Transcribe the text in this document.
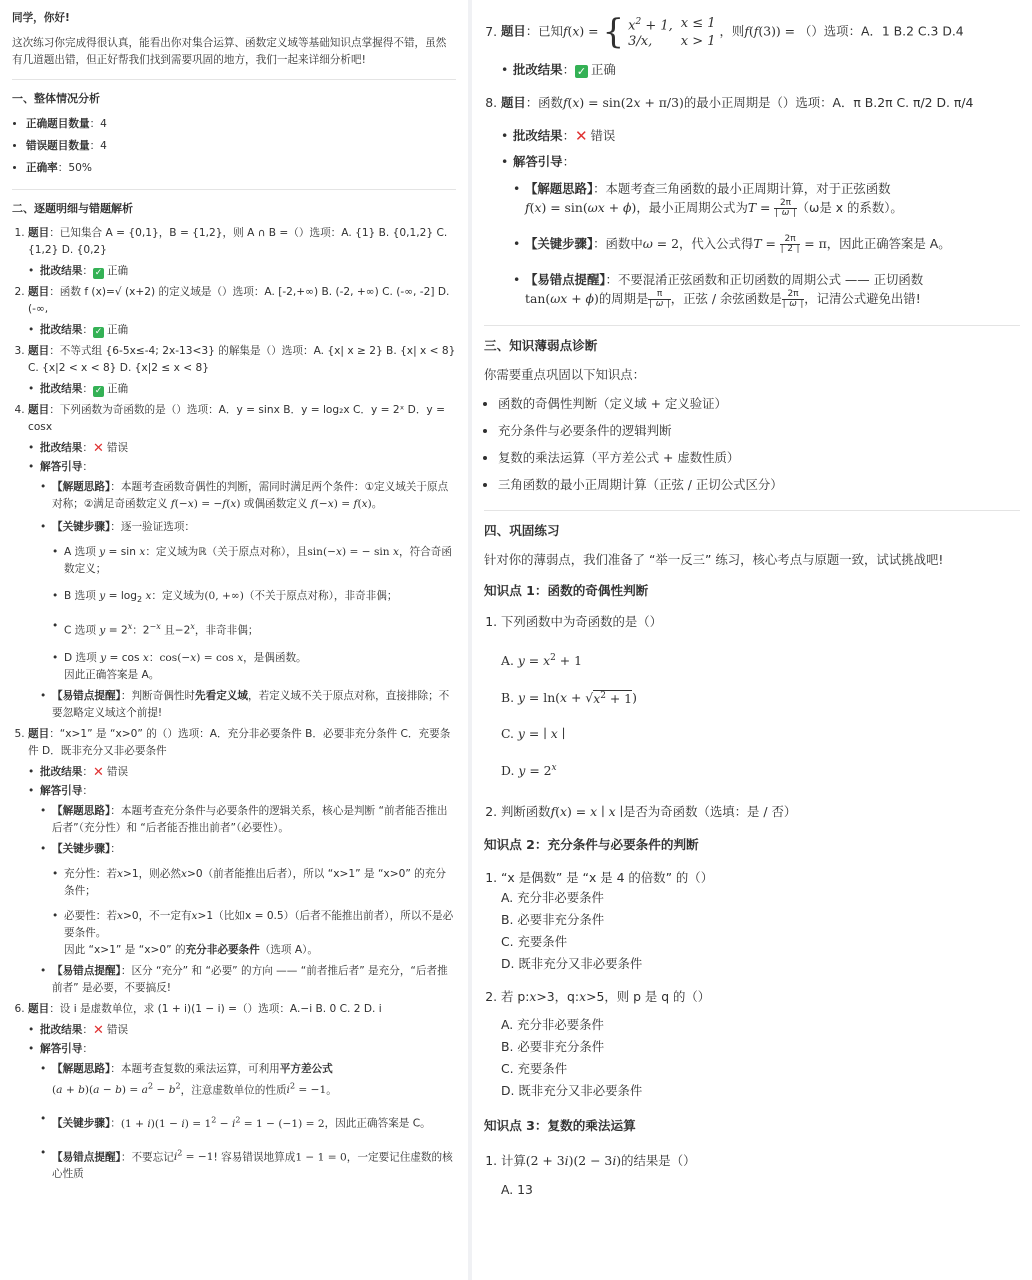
同学，你好!

这次练习你完成得很认真，能看出你对集合运算、函数定义域等基础知识点掌握得不错，虽然有几道题出错，但正好帮我们找到需要巩固的地方，我们一起来详细分析吧!

一、整体情况分析
• 正确题目数量：4
• 错误题目数量：4
• 正确率：50%
二、逐题明细与错题解析
1. 题目：已知集合 A = {0,1}，B = {1,2}，则 A ∩ B =（）选项：A. {1} B. {0,1,2} C. {1,2} D. {0,2}
• 批改结果： ✓ 正确
2. 题目：函数 f (x)=√ (x+2) 的定义域是（）选项：A. [-2,+∞) B. (-2, +∞) C. (-∞, -2] D. (-∞,
• 批改结果： ✓ 正确
3. 题目：不等式组 {6-5x≤-4; 2x-13<3} 的解集是（）选项：A. {x| x ≥ 2} B. {x| x < 8} C. {x|2 < x < 8} D. {x|2 ≤ x < 8}
• 批改结果： ✓ 正确
4. 题目：下列函数为奇函数的是（）选项：A．y = sinx B．y = log₂x C．y = 2ˣ D．y = cosx
• 批改结果：✕ 错误
• 解答引导：
• 【解题思路】：本题考查函数奇偶性的判断，需同时满足两个条件：①定义域关于原点对称；②满足奇函数定义 f(−x) = −f(x) 或偶函数定义 f(−x) = f(x)。
• 【关键步骤】：逐一验证选项：
• A 选项 y = sin x：定义域为ℝ（关于原点对称），且sin(−x) = − sin x，符合奇函数定义；
• B 选项 $y = \log_2 x$：定义域为(0, +∞)（不关于原点对称），非奇非偶；
• C 选项 $y = 2^x$：$2^{-x}$ 且$-2^x$，非奇非偶；
• D 选项 y = cos x：cos(−x) = cos x，是偶函数。
因此正确答案是 A。
• 【易错点提醒】：判断奇偶性时先看定义域，若定义域不关于原点对称，直接排除；不要忽略定义域这个前提!
5. 题目：“x>1” 是 “x>0” 的（）选项：A．充分非必要条件 B．必要非充分条件 C．充要条件 D．既非充分又非必要条件
• 批改结果：✕ 错误
• 解答引导：
• 【解题思路】：本题考查充分条件与必要条件的逻辑关系，核心是判断 “前者能否推出后者”（充分性）和 “后者能否推出前者”（必要性）。
• 【关键步骤】：
• 充分性：若x>1，则必然x>0（前者能推出后者），所以 “x>1” 是 “x>0” 的充分条件；
• 必要性：若x>0，不一定有x>1（比如x = 0.5）（后者不能推出前者），所以不是必要条件。
因此 “x>1” 是 “x>0” 的充分非必要条件（选项 A）。
• 【易错点提醒】：区分 “充分” 和 “必要” 的方向 —— “前者推后者” 是充分，“后者推前者” 是必要，不要搞反!
6. 题目：设 i 是虚数单位，求 (1 + i)(1 − i) =（）选项：A.−i B. 0 C. 2 D. i
• 批改结果：✕ 错误
• 解答引导：
• 【解题思路】：本题考查复数的乘法运算，可利用平方差公式
$(a + b)(a - b) = a^2 - b^2$，注意虚数单位的性质$i^2 = -1$。
• 【关键步骤】：$(1 + i)(1 - i) = 1^2 - i^2 = 1 - (-1) = 2$，因此正确答案是 C。
• 【易错点提醒】：不要忘记$i^2 = -1$! 容易错误地算成1 − 1 = 0，一定要记住虚数的核心性质
7. 题目：已知f(x) = { $x^2 + 1$,	x ≤ 1
3/x,	x > 1，则f(f(3)) = （）选项：A．1 B.2 C.3 D.4
• 批改结果： ✓ 正确
8. 题目：函数f(x) = sin(2x + π/3)的最小正周期是（）选项：A．π B.2π C. π/2 D. π/4
• 批改结果：✕ 错误
• 解答引导：
• 【解题思路】：本题考查三角函数的最小正周期计算，对于正弦函数
f(x) = sin(ωx + ϕ)，最小正周期公式为$T = \frac{2\pi}{∣ \omega ∣} (\omega$是 x 的系数）。
• 【关键步骤】：函数中ω = 2，代入公式得$T = \frac{2\pi}{∣ 2 ∣} = \pi$，因此正确答案是 A。
• 【易错点提醒】：不要混淆正弦函数和正切函数的周期公式 —— 正切函数
tan(ωx + ϕ)的周期是 $\frac{\pi}{∣ \omega ∣}$ ，正弦 / 余弦函数是 $\frac{2\pi}{∣ \omega ∣}$ ，记清公式避免出错!
三、知识薄弱点诊断

你需要重点巩固以下知识点：

• 函数的奇偶性判断（定义域 + 定义验证）
• 充分条件与必要条件的逻辑判断
• 复数的乘法运算（平方差公式 + 虚数性质）
• 三角函数的最小正周期计算（正弦 / 正切公式区分）
四、巩固练习

针对你的薄弱点，我们准备了 “举一反三” 练习，核心考点与原题一致，试试挑战吧!

知识点 1：函数的奇偶性判断
1. 下列函数中为奇函数的是（）
A. $y = x^2 + 1$
B. $y = \ln(x + √x^2 + 1)$
C. y = ∣ x ∣
D. $y = 2^x$
2. 判断函数f(x) = x ∣ x ∣是否为奇函数（选填：是 / 否）
知识点 2：充分条件与必要条件的判断
1. “x 是偶数” 是 “x 是 4 的倍数” 的（）
A. 充分非必要条件
B. 必要非充分条件
C. 充要条件
D. 既非充分又非必要条件
2. 若 p:x>3，q:x>5，则 p 是 q 的（）
A. 充分非必要条件
B. 必要非充分条件
C. 充要条件
D. 既非充分又非必要条件
知识点 3：复数的乘法运算
1. 计算(2 + 3i)(2 − 3i)的结果是（）
A. 13
